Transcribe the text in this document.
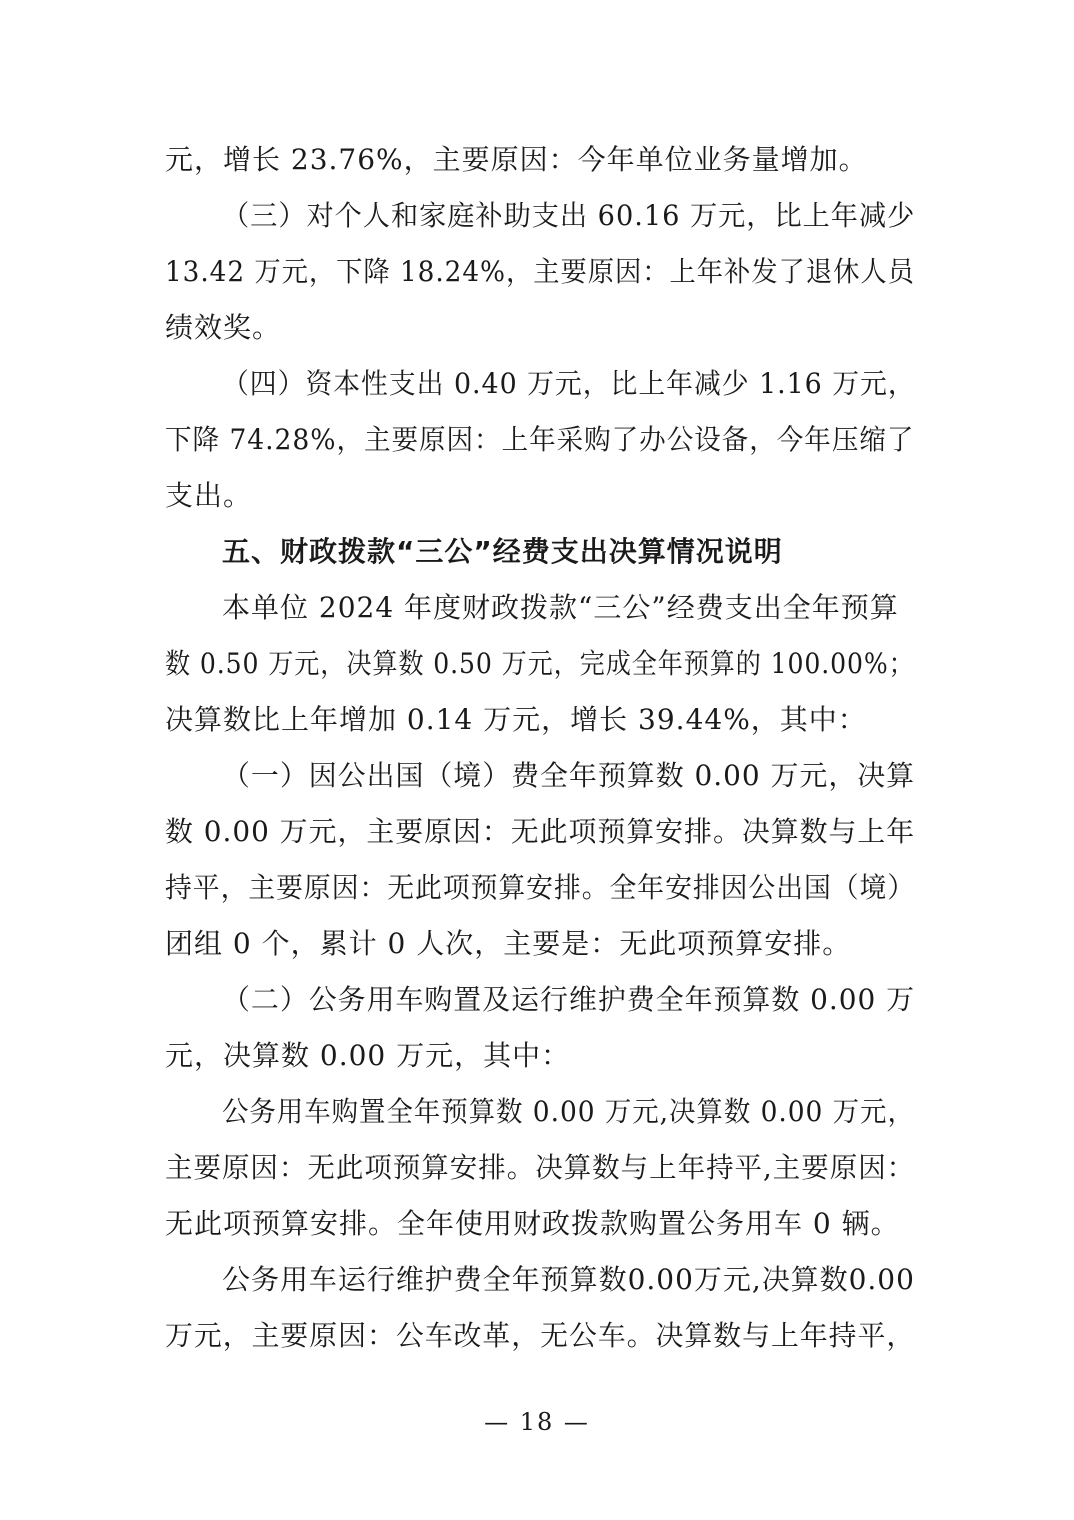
元，增长 23.76%，主要原因：今年单位业务量增加。
（三）对个人和家庭补助支出 60.16 万元，比上年减少
13.42 万元，下降 18.24%，主要原因：上年补发了退休人员
绩效奖。
（四）资本性支出 0.40 万元，比上年减少 1.16 万元，
下降 74.28%，主要原因：上年采购了办公设备，今年压缩了
支出。
五、财政拨款“三公”经费支出决算情况说明
本单位 2024 年度财政拨款“三公”经费支出全年预算
数 0.50 万元，决算数 0.50 万元，完成全年预算的 100.00%；
决算数比上年增加 0.14 万元，增长 39.44%，其中：
（一）因公出国（境）费全年预算数 0.00 万元，决算
数 0.00 万元，主要原因：无此项预算安排。决算数与上年
持平，主要原因：无此项预算安排。全年安排因公出国（境）
团组 0 个，累计 0 人次，主要是：无此项预算安排。
（二）公务用车购置及运行维护费全年预算数 0.00 万
元，决算数 0.00 万元，其中：
公务用车购置全年预算数 0.00 万元,决算数 0.00 万元，
主要原因：无此项预算安排。决算数与上年持平,主要原因：
无此项预算安排。全年使用财政拨款购置公务用车 0 辆。
公务用车运行维护费全年预算数0.00万元,决算数0.00
万元，主要原因：公车改革，无公车。决算数与上年持平，
— 18 —
